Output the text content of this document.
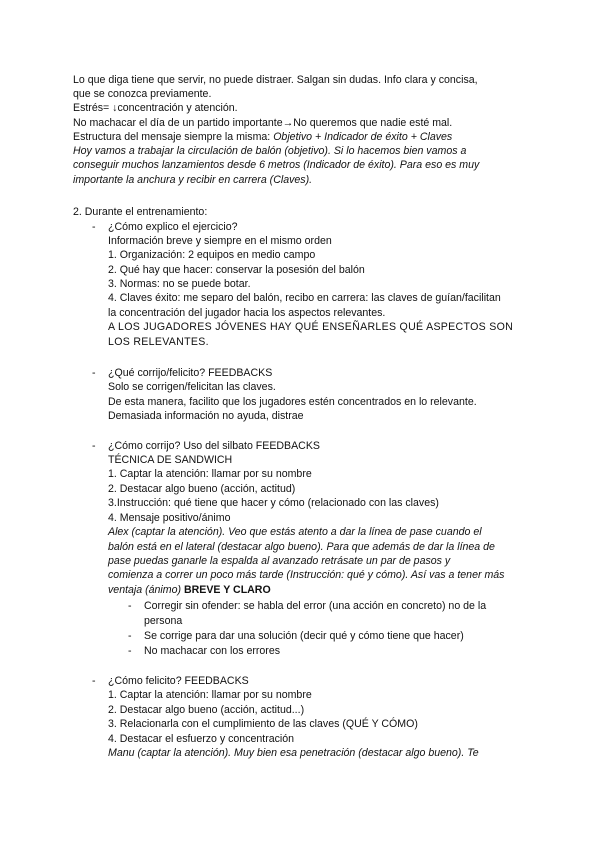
Lo que diga tiene que servir, no puede distraer. Salgan sin dudas. Info clara y concisa,
que se conozca previamente.
Estrés= ↓concentración y atención.
No machacar el día de un partido importante→No queremos que nadie esté mal.
Estructura del mensaje siempre la misma: Objetivo + Indicador de éxito + Claves
Hoy vamos a trabajar la circulación de balón (objetivo). Si lo hacemos bien vamos a
conseguir muchos lanzamientos desde 6 metros (Indicador de éxito). Para eso es muy
importante la anchura y recibir en carrera (Claves).
2. Durante el entrenamiento:
- ¿Cómo explico el ejercicio?
Información breve y siempre en el mismo orden
1. Organización: 2 equipos en medio campo
2. Qué hay que hacer: conservar la posesión del balón
3. Normas: no se puede botar.
4. Claves éxito: me separo del balón, recibo en carrera: las claves de guían/facilitan
la concentración del jugador hacia los aspectos relevantes.
A LOS JUGADORES JÓVENES HAY QUÉ ENSEÑARLES QUÉ ASPECTOS SON
LOS RELEVANTES.
- ¿Qué corrijo/felicito? FEEDBACKS
Solo se corrigen/felicitan las claves.
De esta manera, facilito que los jugadores estén concentrados en lo relevante.
Demasiada información no ayuda, distrae
- ¿Cómo corrijo? Uso del silbato FEEDBACKS
TÉCNICA DE SANDWICH
1. Captar la atención: llamar por su nombre
2. Destacar algo bueno (acción, actitud)
3.Instrucción: qué tiene que hacer y cómo (relacionado con las claves)
4. Mensaje positivo/ánimo
Alex (captar la atención). Veo que estás atento a dar la línea de pase cuando el
balón está en el lateral (destacar algo bueno). Para que además de dar la línea de
pase puedas ganarle la espalda al avanzado retrásate un par de pasos y
comienza a correr un poco más tarde (Instrucción: qué y cómo). Así vas a tener más
ventaja (ánimo) BREVE Y CLARO
- Corregir sin ofender: se habla del error (una acción en concreto) no de la
persona
- Se corrige para dar una solución (decir qué y cómo tiene que hacer)
- No machacar con los errores
- ¿Cómo felicito? FEEDBACKS
1. Captar la atención: llamar por su nombre
2. Destacar algo bueno (acción, actitud...)
3. Relacionarla con el cumplimiento de las claves (QUÉ Y CÓMO)
4. Destacar el esfuerzo y concentración
Manu (captar la atención). Muy bien esa penetración (destacar algo bueno). Te
